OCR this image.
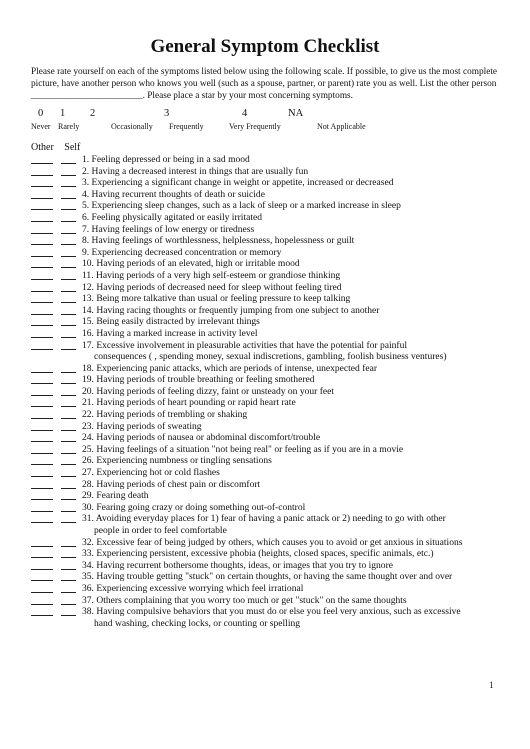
General Symptom Checklist
Please rate yourself on each of the symptoms listed below using the following scale. If possible, to give us the most complete picture, have another person who knows you well (such as a spouse, partner, or parent) rate you as well. List the other person ________________________. Please place a star by your most concerning symptoms.
0
Never
1
Rarely
2
Occasionally
3
Frequently
4
Very Frequently
NA
Not Applicable
Other Self
1. Feeling depressed or being in a sad mood
2. Having a decreased interest in things that are usually fun
3. Experiencing a significant change in weight or appetite, increased or decreased
4. Having recurrent thoughts of death or suicide
5. Experiencing sleep changes, such as a lack of sleep or a marked increase in sleep
6. Feeling physically agitated or easily irritated
7. Having feelings of low energy or tiredness
8. Having feelings of worthlessness, helplessness, hopelessness or guilt
9. Experiencing decreased concentration or memory
10. Having periods of an elevated, high or irritable mood
11. Having periods of a very high self-esteem or grandiose thinking
12. Having periods of decreased need for sleep without feeling tired
13. Being more talkative than usual or feeling pressure to keep talking
14. Having racing thoughts or frequently jumping from one subject to another
15. Being easily distracted by irrelevant things
16. Having a marked increase in activity level
17. Excessive involvement in pleasurable activities that have the potential for painful
consequences ( , spending money, sexual indiscretions, gambling, foolish business ventures)
18. Experiencing panic attacks, which are periods of intense, unexpected fear
19. Having periods of trouble breathing or feeling smothered
20. Having periods of feeling dizzy, faint or unsteady on your feet
21. Having periods of heart pounding or rapid heart rate
22. Having periods of trembling or shaking
23. Having periods of sweating
24. Having periods of nausea or abdominal discomfort/trouble
25. Having feelings of a situation "not being real" or feeling as if you are in a movie
26. Experiencing numbness or tingling sensations
27. Experiencing hot or cold flashes
28. Having periods of chest pain or discomfort
29. Fearing death
30. Fearing going crazy or doing something out-of-control
31. Avoiding everyday places for 1) fear of having a panic attack or 2) needing to go with other
people in order to feel comfortable
32. Excessive fear of being judged by others, which causes you to avoid or get anxious in situations
33. Experiencing persistent, excessive phobia (heights, closed spaces, specific animals, etc.)
34. Having recurrent bothersome thoughts, ideas, or images that you try to ignore
35. Having trouble getting "stuck" on certain thoughts, or having the same thought over and over
36. Experiencing excessive worrying which feel irrational
37. Others complaining that you worry too much or get "stuck" on the same thoughts
38. Having compulsive behaviors that you must do or else you feel very anxious, such as excessive
hand washing, checking locks, or counting or spelling
1
